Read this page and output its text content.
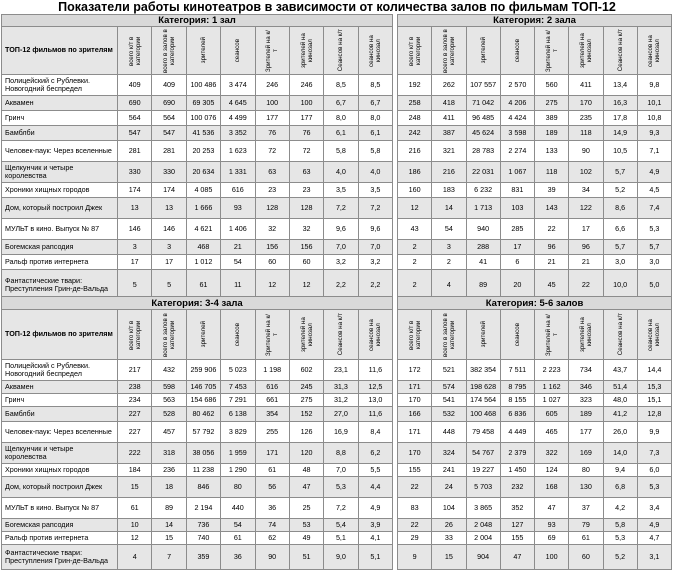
Показатели работы кинотеатров в зависимости от количества залов по фильмам ТОП-12
Категория: 1 зал								
ТОП-12 фильмов по зрителям	всего к/т в категории	всего в залов в категории	зрителей	сеансов	Зрителей на к/т	зрителей на кинозал	Сеансов на к/т	сеансов на кинозал

Полицейский с Рублевки. Новогодний беспредел	409	409	100 486	3 474	246	246	8,5	8,5
Аквамен	690	690	69 305	4 645	100	100	6,7	6,7
Гринч	564	564	100 076	4 499	177	177	8,0	8,0
Бамблби	547	547	41 536	3 352	76	76	6,1	6,1
Человек-паук: Через вселенные	281	281	20 253	1 623	72	72	5,8	5,8
Щелкунчик и четыре королевства	330	330	20 634	1 331	63	63	4,0	4,0
Хроники хищных городов	174	174	4 085	616	23	23	3,5	3,5
Дом, который построил Джек	13	13	1 666	93	128	128	7,2	7,2
МУЛЬТ в кино. Выпуск № 87	146	146	4 621	1 406	32	32	9,6	9,6
Богемская рапсодия	3	3	468	21	156	156	7,0	7,0
Ральф против интернета	17	17	1 012	54	60	60	3,2	3,2
Фантастические твари: Преступления Грин-де-Вальда	5	5	61	11	12	12	2,2	2,2
Категория: 2 зала							

всего к/т в категории	всего в залов в категории	зрителей	сеансов	Зрителей на к/т	зрителей на кинозал	Сеансов на к/т	сеансов на кинозал

192	262	107 557	2 570	560	411	13,4	9,8
258	418	71 042	4 206	275	170	16,3	10,1
248	411	96 485	4 424	389	235	17,8	10,8
242	387	45 624	3 598	189	118	14,9	9,3
216	321	28 783	2 274	133	90	10,5	7,1
186	216	22 031	1 067	118	102	5,7	4,9
160	183	6 232	831	39	34	5,2	4,5
12	14	1 713	103	143	122	8,6	7,4
43	54	940	285	22	17	6,6	5,3
2	3	288	17	96	96	5,7	5,7
2	2	41	6	21	21	3,0	3,0
2	4	89	20	45	22	10,0	5,0
Категория: 3-4 зала								
ТОП-12 фильмов по зрителям	всего к/т в категории	всего в залов в категории	зрителей	сеансов	Зрителей на к/т	зрителей на кинозал	Сеансов на к/т	сеансов на кинозал

Полицейский с Рублевки. Новогодний беспредел	217	432	259 906	5 023	1 198	602	23,1	11,6
Аквамен	238	598	146 705	7 453	616	245	31,3	12,5
Гринч	234	563	154 686	7 291	661	275	31,2	13,0
Бамблби	227	528	80 462	6 138	354	152	27,0	11,6
Человек-паук: Через вселенные	227	457	57 792	3 829	255	126	16,9	8,4
Щелкунчик и четыре королевства	222	318	38 056	1 959	171	120	8,8	6,2
Хроники хищных городов	184	236	11 238	1 290	61	48	7,0	5,5
Дом, который построил Джек	15	18	846	80	56	47	5,3	4,4
МУЛЬТ в кино. Выпуск № 87	61	89	2 194	440	36	25	7,2	4,9
Богемская рапсодия	10	14	736	54	74	53	5,4	3,9
Ральф против интернета	12	15	740	61	62	49	5,1	4,1
Фантастические твари: Преступления Грин-де-Вальда	4	7	359	36	90	51	9,0	5,1
Категория: 5-6 залов							

всего к/т в категории	всего в залов в категории	зрителей	сеансов	Зрителей на к/т	зрителей на кинозал	Сеансов на к/т	сеансов на кинозал

172	521	382 354	7 511	2 223	734	43,7	14,4
171	574	198 628	8 795	1 162	346	51,4	15,3
170	541	174 564	8 155	1 027	323	48,0	15,1
166	532	100 468	6 836	605	189	41,2	12,8
171	448	79 458	4 449	465	177	26,0	9,9
170	324	54 767	2 379	322	169	14,0	7,3
155	241	19 227	1 450	124	80	9,4	6,0
22	24	5 703	232	168	130	6,8	5,3
83	104	3 865	352	47	37	4,2	3,4
22	26	2 048	127	93	79	5,8	4,9
29	33	2 004	155	69	61	5,3	4,7
9	15	904	47	100	60	5,2	3,1
